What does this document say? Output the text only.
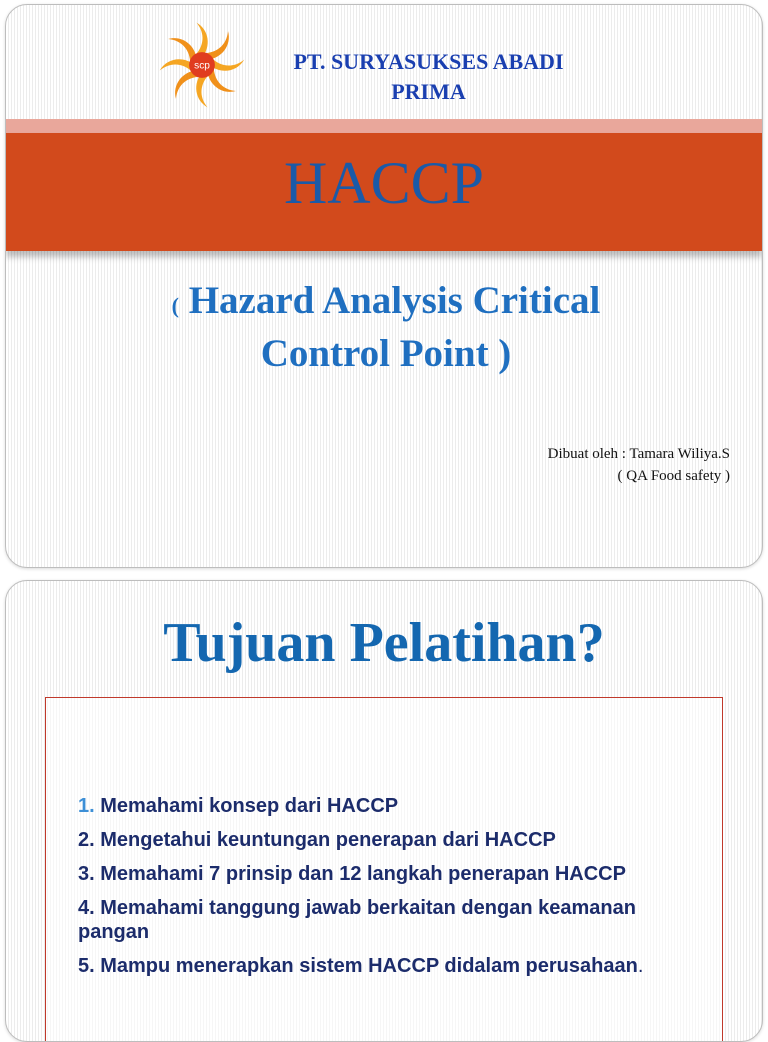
scp	PT. SURYASUKSES ABADI
PRIMA
HACCP
( Hazard Analysis Critical
Control Point )
Dibuat oleh : Tamara Wiliya.S
( QA Food safety )
Tujuan Pelatihan?
1. Memahami konsep dari HACCP
2. Mengetahui keuntungan penerapan dari HACCP
3. Memahami 7 prinsip dan 12 langkah penerapan HACCP
4. Memahami tanggung jawab berkaitan dengan keamanan pangan
5. Mampu menerapkan sistem HACCP didalam perusahaan.
